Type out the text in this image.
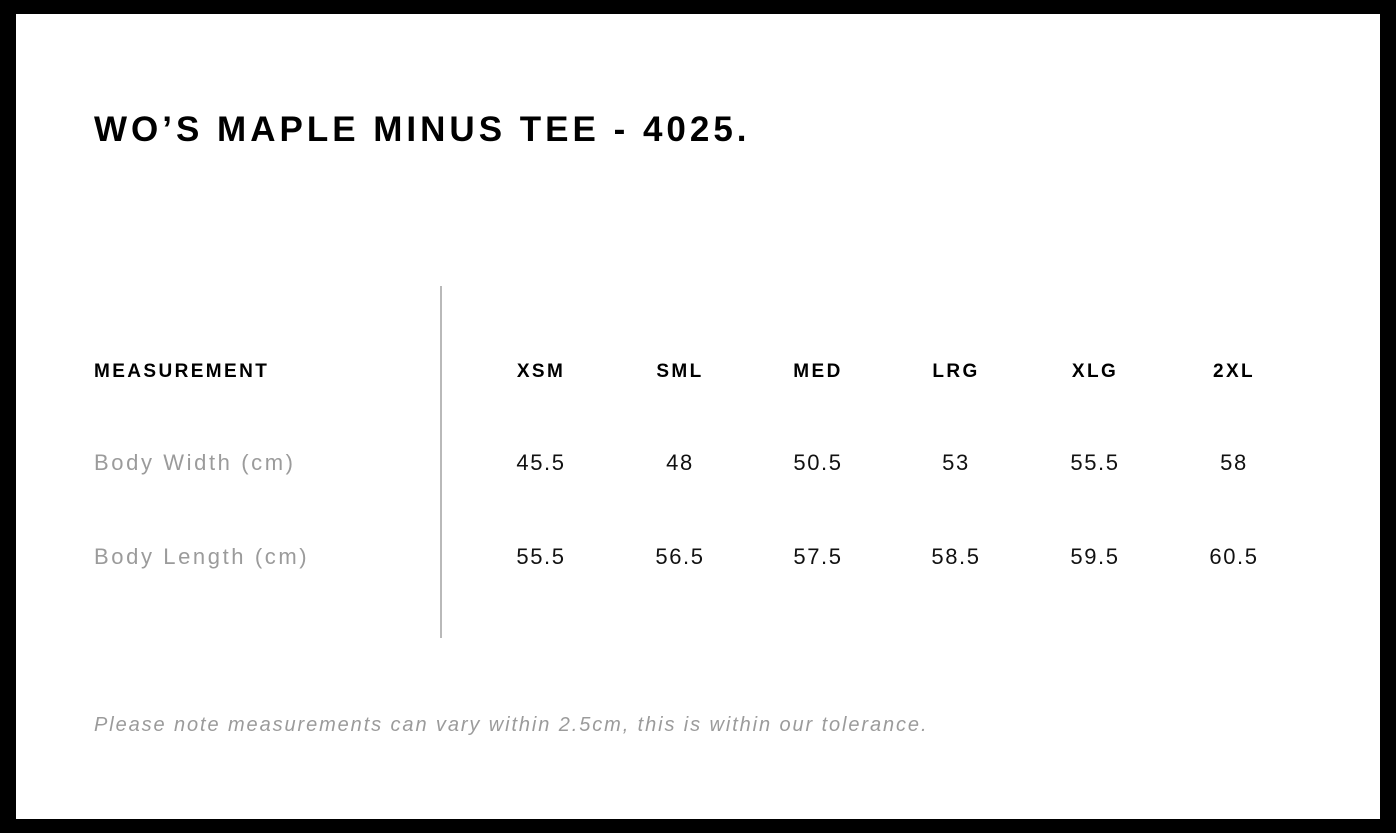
WO’S MAPLE MINUS TEE - 4025.
MEASUREMENT	XSM	SML	MED	LRG	XLG	2XL
Body Width (cm)	45.5	48	50.5	53	55.5	58
Body Length (cm)	55.5	56.5	57.5	58.5	59.5	60.5
Please note measurements can vary within 2.5cm, this is within our tolerance.
